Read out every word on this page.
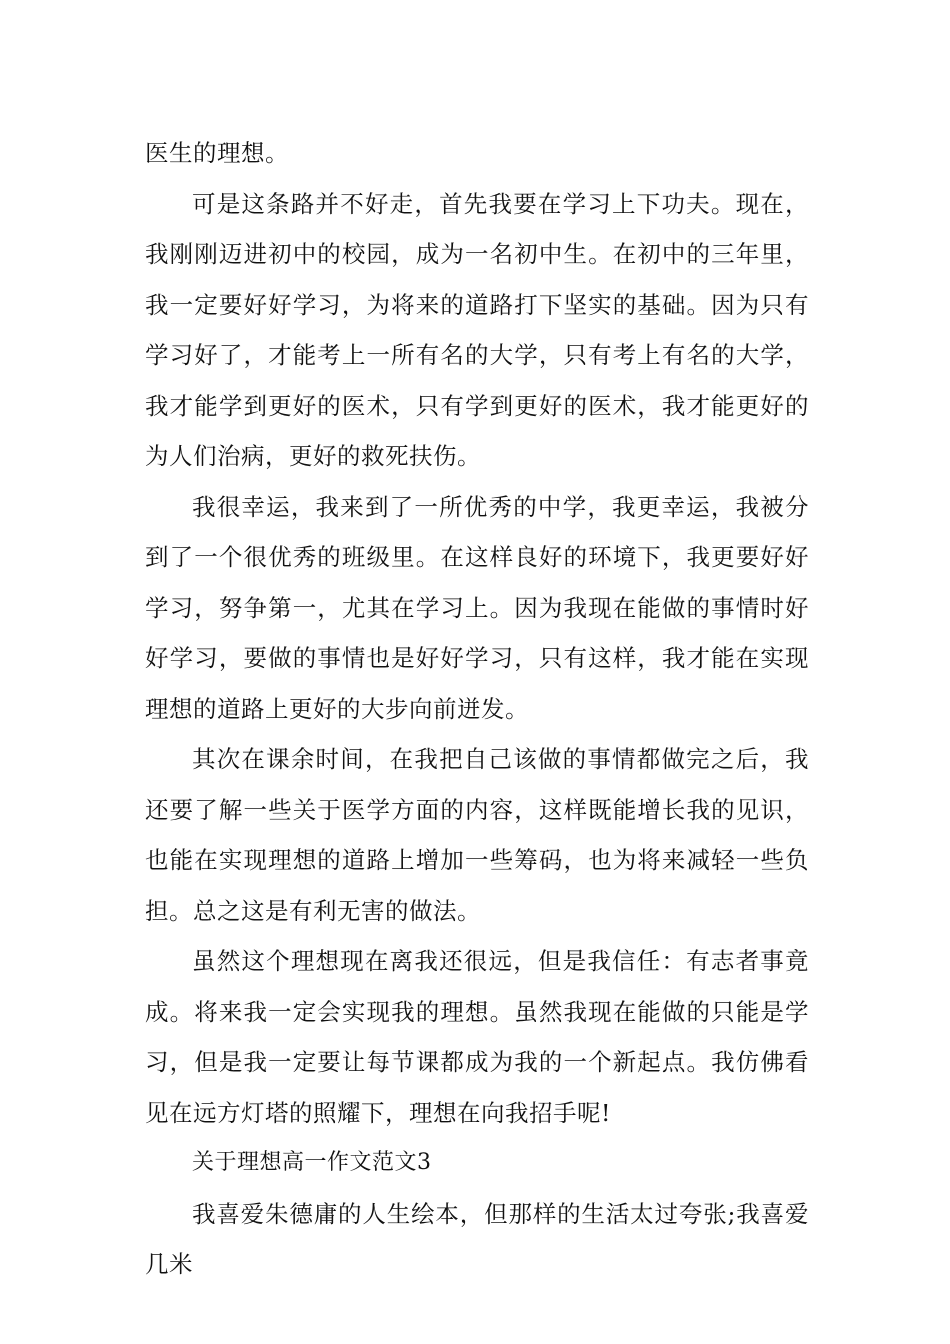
医生的理想。

可是这条路并不好走，首先我要在学习上下功夫。现在，我刚刚迈进初中的校园，成为一名初中生。在初中的三年里，我一定要好好学习，为将来的道路打下坚实的基础。因为只有学习好了，才能考上一所有名的大学，只有考上有名的大学，我才能学到更好的医术，只有学到更好的医术，我才能更好的为人们治病，更好的救死扶伤。

我很幸运，我来到了一所优秀的中学，我更幸运，我被分到了一个很优秀的班级里。在这样良好的环境下，我更要好好学习，努争第一，尤其在学习上。因为我现在能做的事情时好好学习，要做的事情也是好好学习，只有这样，我才能在实现理想的道路上更好的大步向前迸发。

其次在课余时间，在我把自己该做的事情都做完之后，我还要了解一些关于医学方面的内容，这样既能增长我的见识，也能在实现理想的道路上增加一些筹码，也为将来减轻一些负担。总之这是有利无害的做法。

虽然这个理想现在离我还很远，但是我信任：有志者事竟成。将来我一定会实现我的理想。虽然我现在能做的只能是学习，但是我一定要让每节课都成为我的一个新起点。我仿佛看见在远方灯塔的照耀下，理想在向我招手呢!

关于理想高一作文范文3

我喜爱朱德庸的人生绘本，但那样的生活太过夸张;我喜爱几米
